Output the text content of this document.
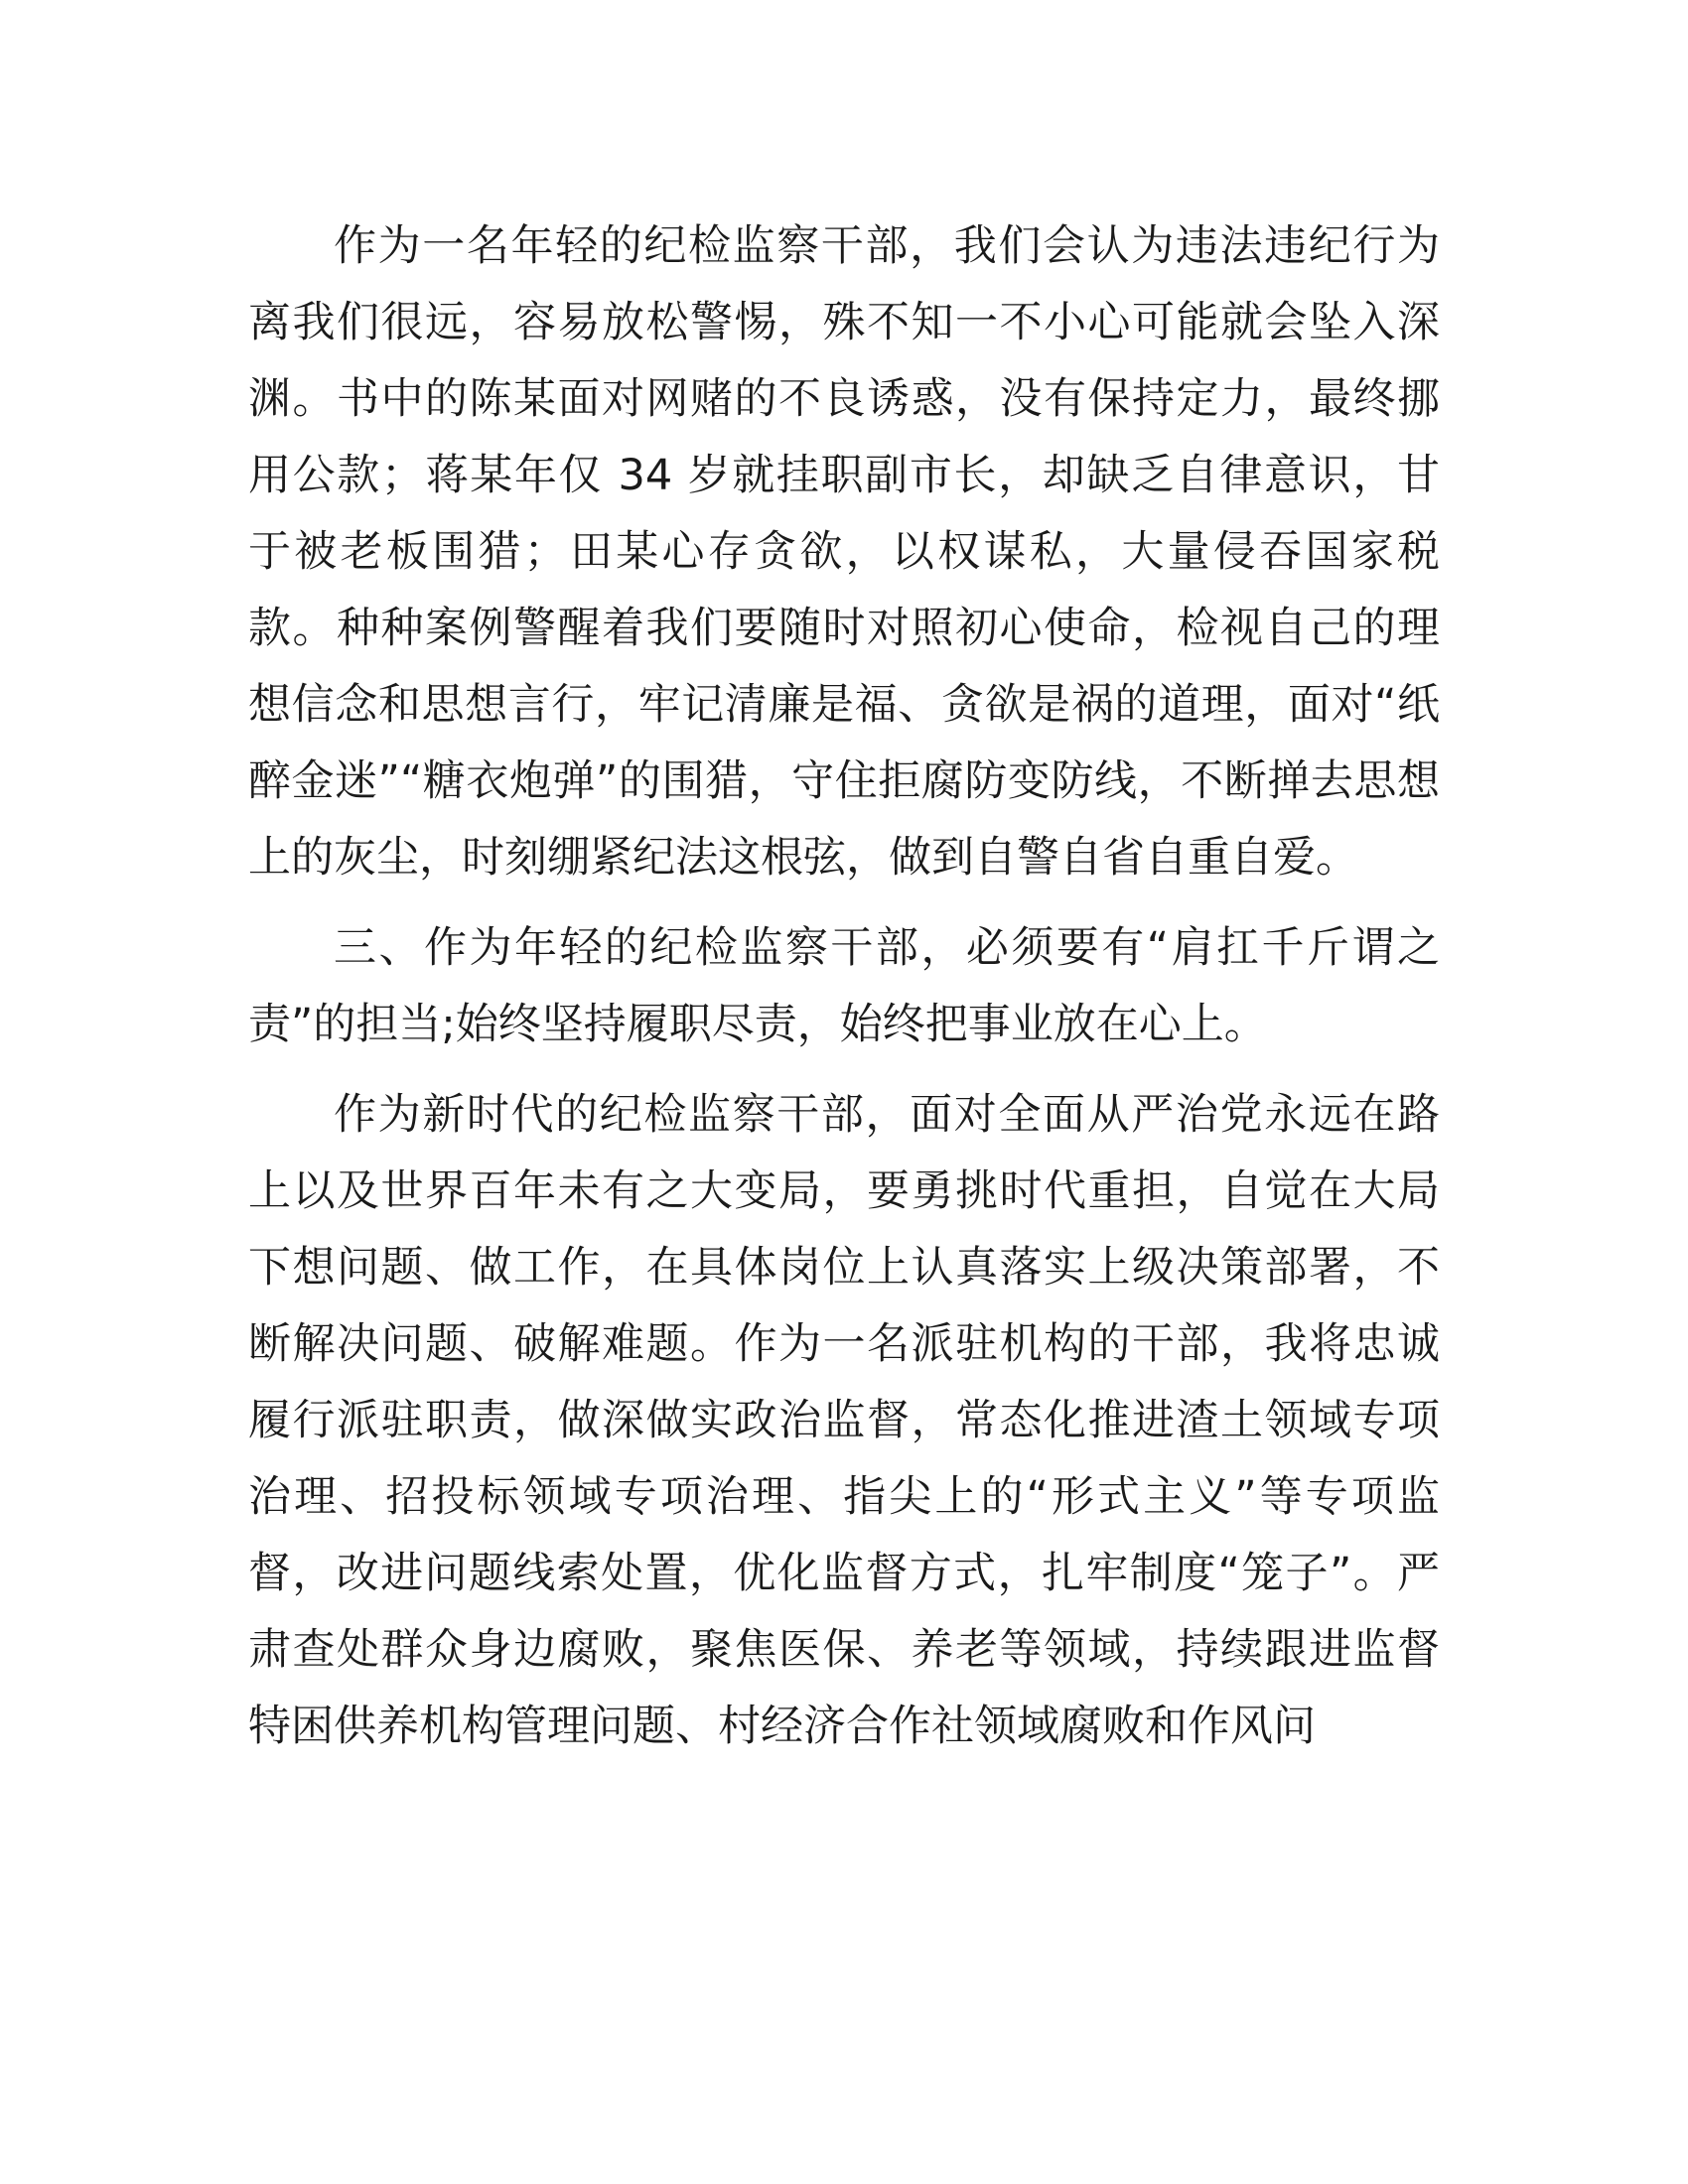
作为一名年轻的纪检监察干部，我们会认为违法违纪行为离我们很远，容易放松警惕，殊不知一不小心可能就会坠入深渊。书中的陈某面对网赌的不良诱惑，没有保持定力，最终挪用公款；蒋某年仅 34 岁就挂职副市长，却缺乏自律意识，甘于被老板围猎；田某心存贪欲，以权谋私，大量侵吞国家税款。种种案例警醒着我们要随时对照初心使命，检视自己的理想信念和思想言行，牢记清廉是福、贪欲是祸的道理，面对“纸醉金迷”“糖衣炮弹”的围猎，守住拒腐防变防线，不断掸去思想上的灰尘，时刻绷紧纪法这根弦，做到自警自省自重自爱。

三、作为年轻的纪检监察干部，必须要有“肩扛千斤谓之责”的担当;始终坚持履职尽责，始终把事业放在心上。

作为新时代的纪检监察干部，面对全面从严治党永远在路上以及世界百年未有之大变局，要勇挑时代重担，自觉在大局下想问题、做工作，在具体岗位上认真落实上级决策部署，不断解决问题、破解难题。作为一名派驻机构的干部，我将忠诚履行派驻职责，做深做实政治监督，常态化推进渣土领域专项治理、招投标领域专项治理、指尖上的“形式主义”等专项监督，改进问题线索处置，优化监督方式，扎牢制度“笼子”。严肃查处群众身边腐败，聚焦医保、养老等领域，持续跟进监督特困供养机构管理问题、村经济合作社领域腐败和作风问
